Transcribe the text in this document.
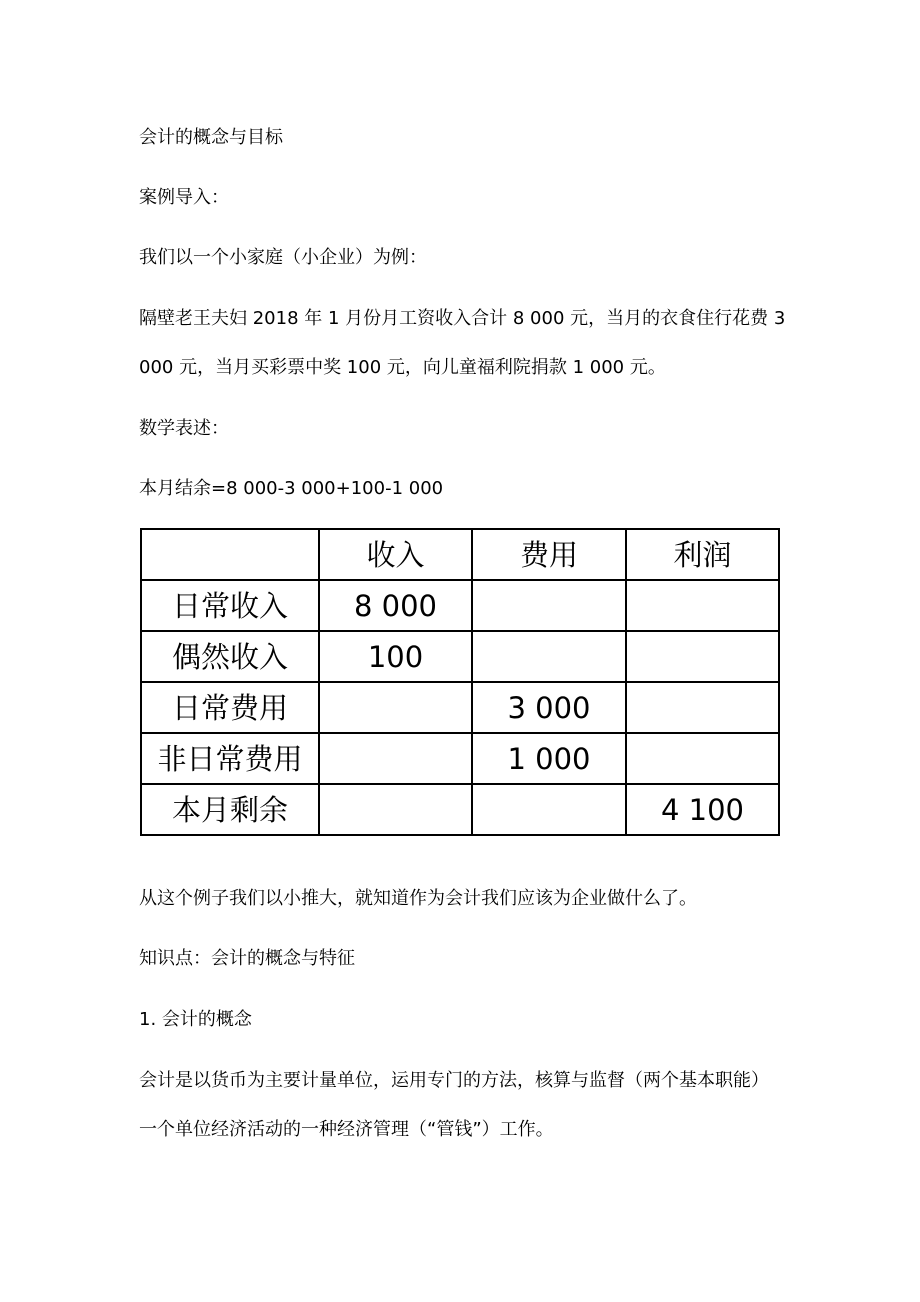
会计的概念与目标

案例导入：

我们以一个小家庭（小企业）为例：

隔壁老王夫妇 2018 年 1 月份月工资收入合计 8 000 元，当月的衣食住行花费 3

000 元，当月买彩票中奖 100 元，向儿童福利院捐款 1 000 元。

数学表述：

本月结余=8 000-3 000+100-1 000

	收入	费用	利润
日常收入	8 000		
偶然收入	100		
日常费用		3 000	
非日常费用		1 000	
本月剩余			4 100

从这个例子我们以小推大，就知道作为会计我们应该为企业做什么了。

知识点：会计的概念与特征

1. 会计的概念

会计是以货币为主要计量单位，运用专门的方法，核算与监督（两个基本职能）

一个单位经济活动的一种经济管理（“管钱”）工作。
